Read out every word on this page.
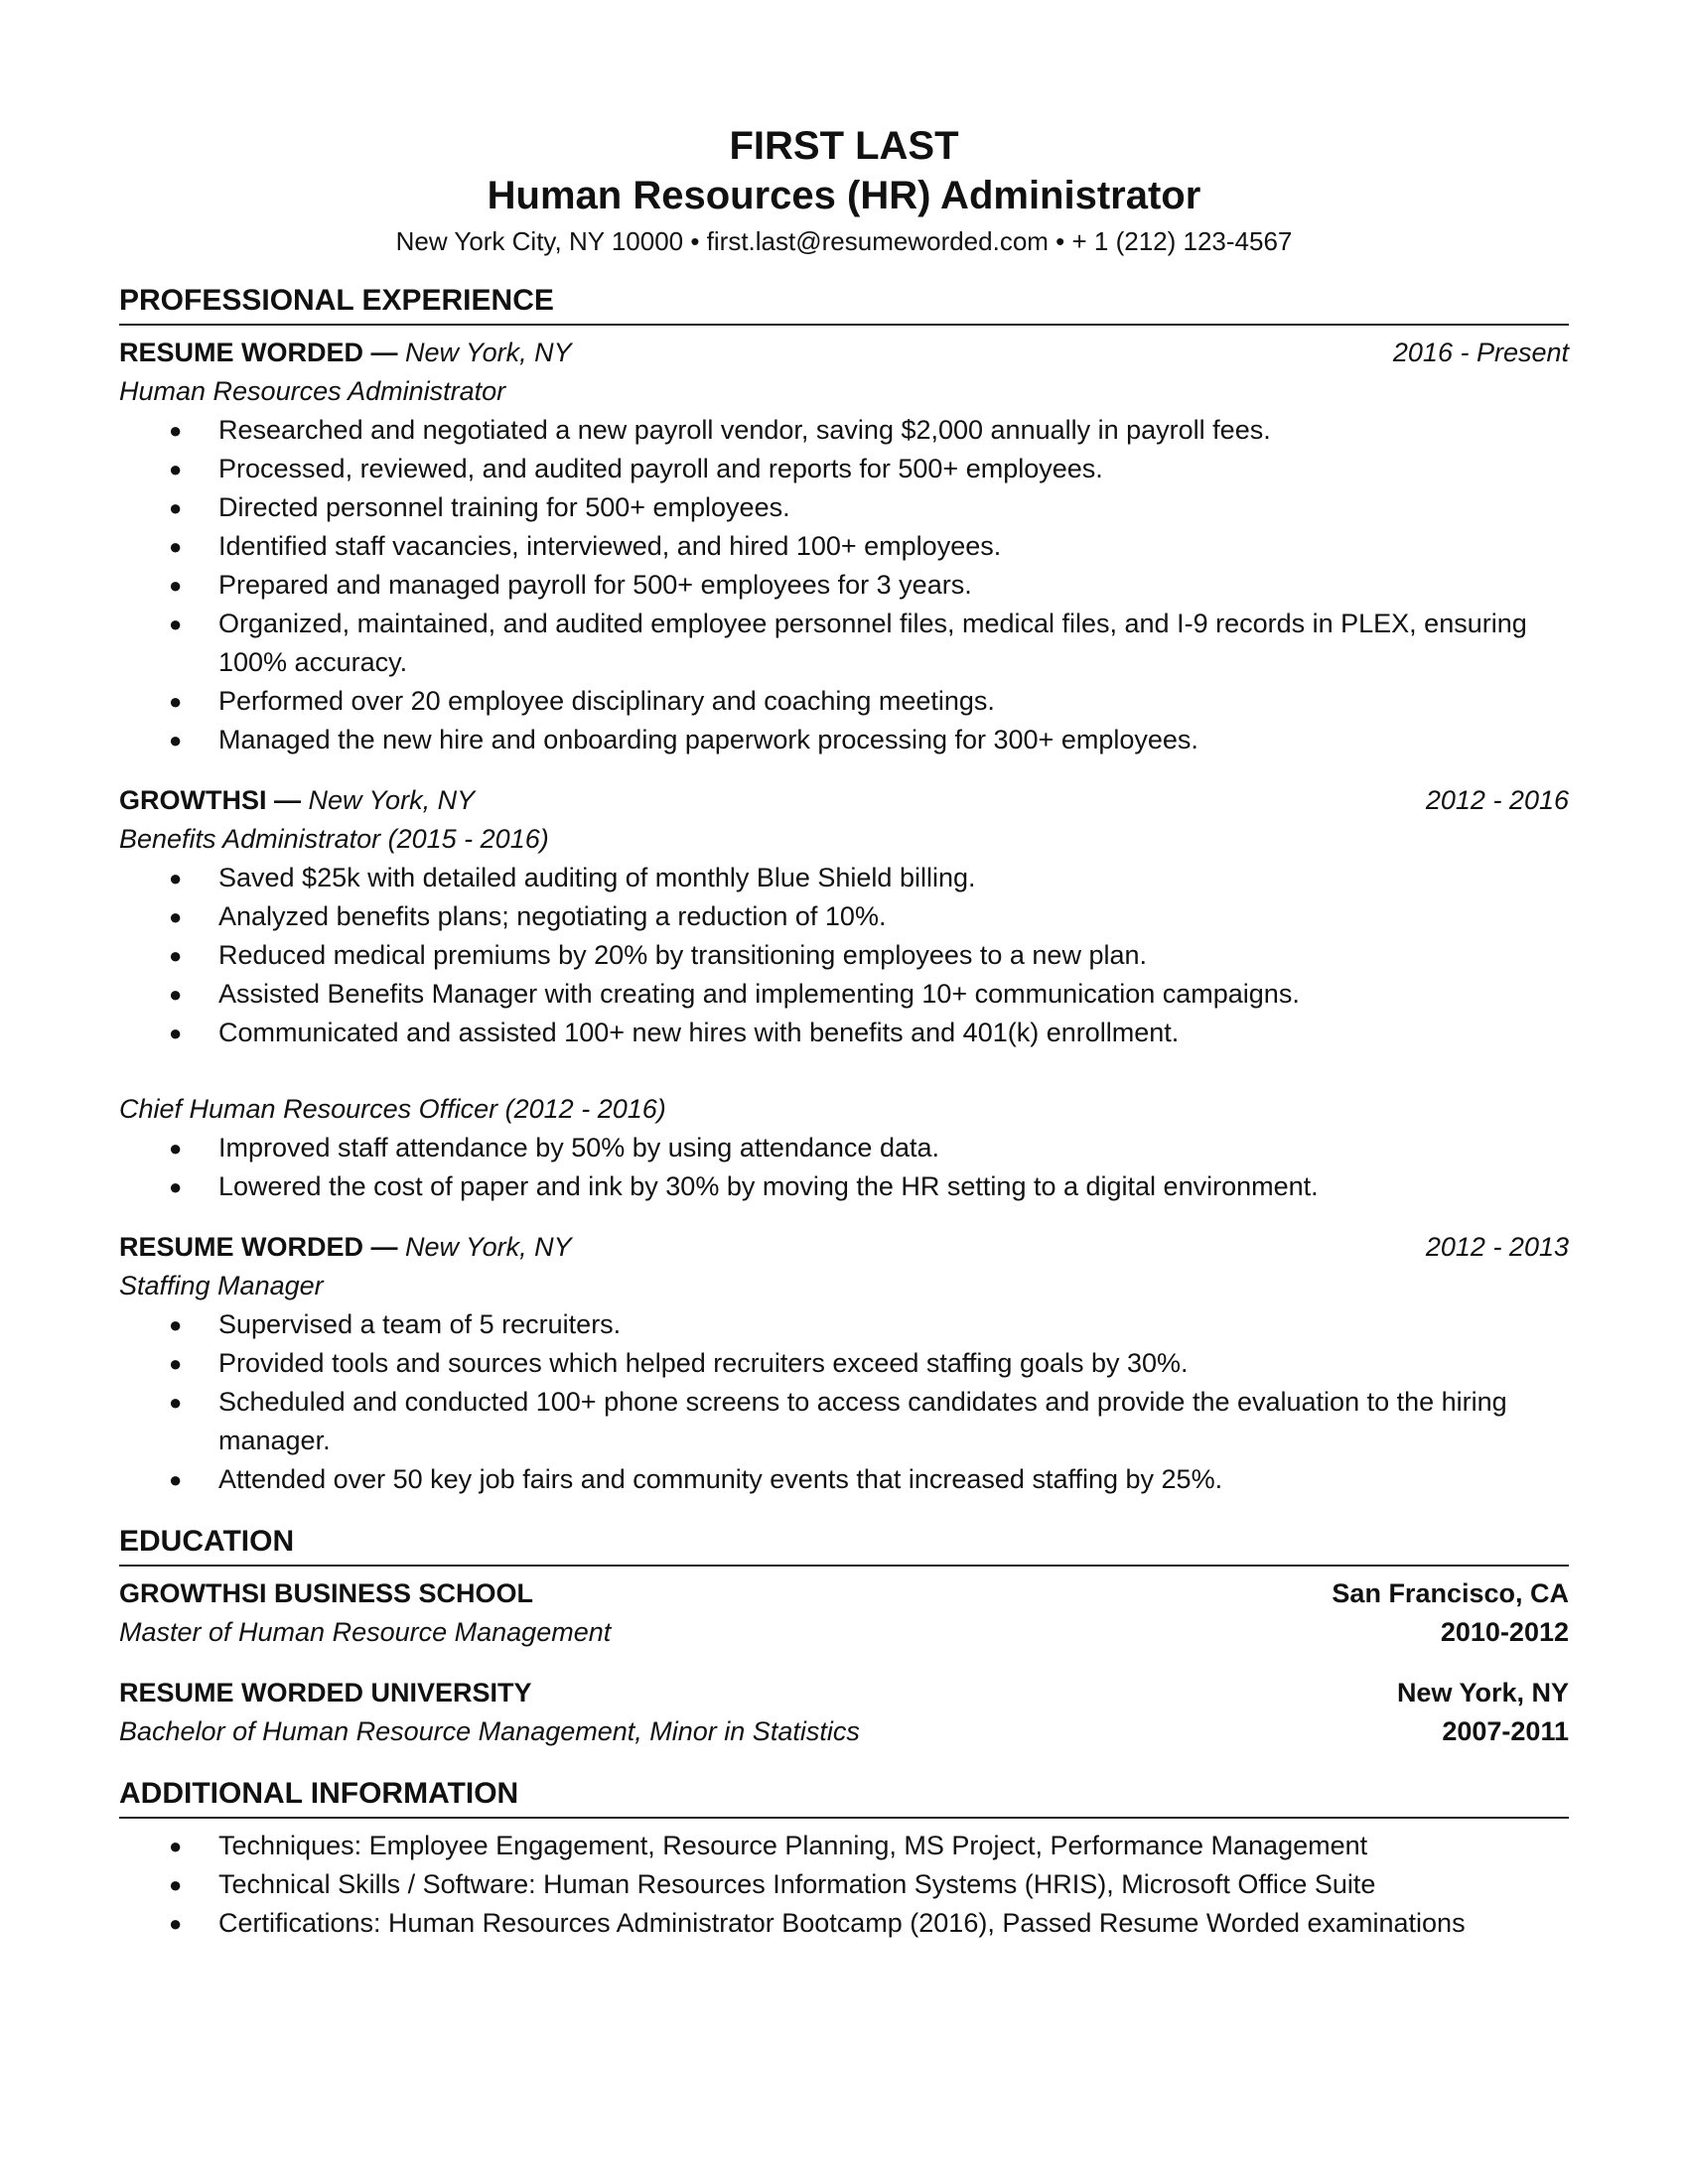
FIRST LAST
Human Resources (HR) Administrator
New York City, NY 10000 • first.last@resumeworded.com • + 1 (212) 123-4567
PROFESSIONAL EXPERIENCE
RESUME WORDED — New York, NY	2016 - Present
Human Resources Administrator
● Researched and negotiated a new payroll vendor, saving $2,000 annually in payroll fees.
● Processed, reviewed, and audited payroll and reports for 500+ employees.
● Directed personnel training for 500+ employees.
● Identified staff vacancies, interviewed, and hired 100+ employees.
● Prepared and managed payroll for 500+ employees for 3 years.
● Organized, maintained, and audited employee personnel files, medical files, and I-9 records in PLEX, ensuring 100% accuracy.
● Performed over 20 employee disciplinary and coaching meetings.
● Managed the new hire and onboarding paperwork processing for 300+ employees.
GROWTHSI — New York, NY	2012 - 2016
Benefits Administrator (2015 - 2016)
● Saved $25k with detailed auditing of monthly Blue Shield billing.
● Analyzed benefits plans; negotiating a reduction of 10%.
● Reduced medical premiums by 20% by transitioning employees to a new plan.
● Assisted Benefits Manager with creating and implementing 10+ communication campaigns.
● Communicated and assisted 100+ new hires with benefits and 401(k) enrollment.
Chief Human Resources Officer (2012 - 2016)
● Improved staff attendance by 50% by using attendance data.
● Lowered the cost of paper and ink by 30% by moving the HR setting to a digital environment.
RESUME WORDED — New York, NY	2012 - 2013
Staffing Manager
● Supervised a team of 5 recruiters.
● Provided tools and sources which helped recruiters exceed staffing goals by 30%.
● Scheduled and conducted 100+ phone screens to access candidates and provide the evaluation to the hiring manager.
● Attended over 50 key job fairs and community events that increased staffing by 25%.
EDUCATION
GROWTHSI BUSINESS SCHOOL	San Francisco, CA
Master of Human Resource Management	2010-2012
RESUME WORDED UNIVERSITY	New York, NY
Bachelor of Human Resource Management, Minor in Statistics	2007-2011
ADDITIONAL INFORMATION
● Techniques: Employee Engagement, Resource Planning, MS Project, Performance Management
● Technical Skills / Software: Human Resources Information Systems (HRIS), Microsoft Office Suite
● Certifications: Human Resources Administrator Bootcamp (2016), Passed Resume Worded examinations
